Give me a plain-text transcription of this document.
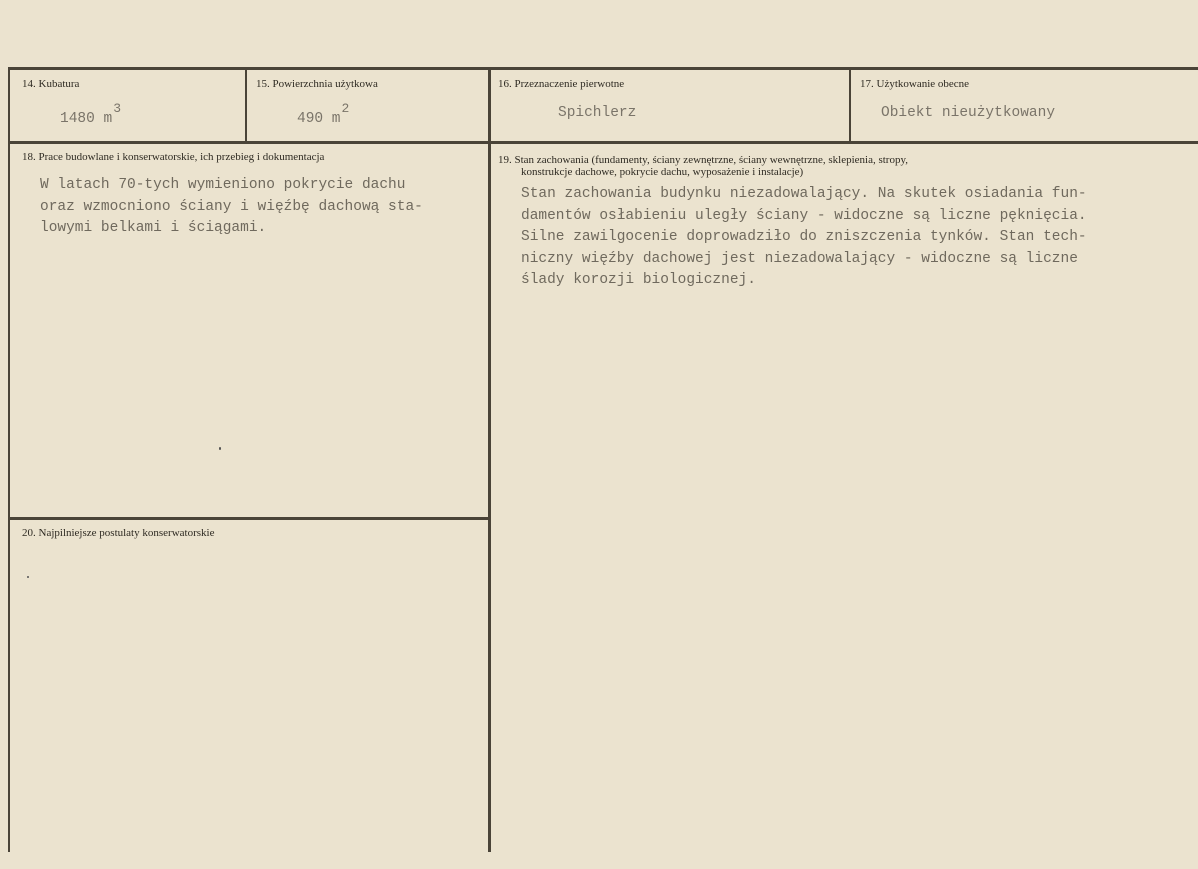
14. Kubatura
1480 $m^3$
15. Powierzchnia użytkowa
490 $m^2$
16. Przeznaczenie pierwotne
Spichlerz
17. Użytkowanie obecne
Obiekt nieużytkowany
18. Prace budowlane i konserwatorskie, ich przebieg i dokumentacja
W latach 70-tych wymieniono pokrycie dachu
oraz wzmocniono ściany i więźbę dachową sta-
lowymi belkami i ściągami.
19. Stan zachowania (fundamenty, ściany zewnętrzne, ściany wewnętrzne, sklepienia, stropy,
konstrukcje dachowe, pokrycie dachu, wyposażenie i instalacje)
Stan zachowania budynku niezadowalający. Na skutek osiadania fun-
damentów osłabieniu uległy ściany - widoczne są liczne pęknięcia.
Silne zawilgocenie doprowadziło do zniszczenia tynków. Stan tech-
niczny więźby dachowej jest niezadowalający - widoczne są liczne
ślady korozji biologicznej.
20. Najpilniejsze postulaty konserwatorskie
